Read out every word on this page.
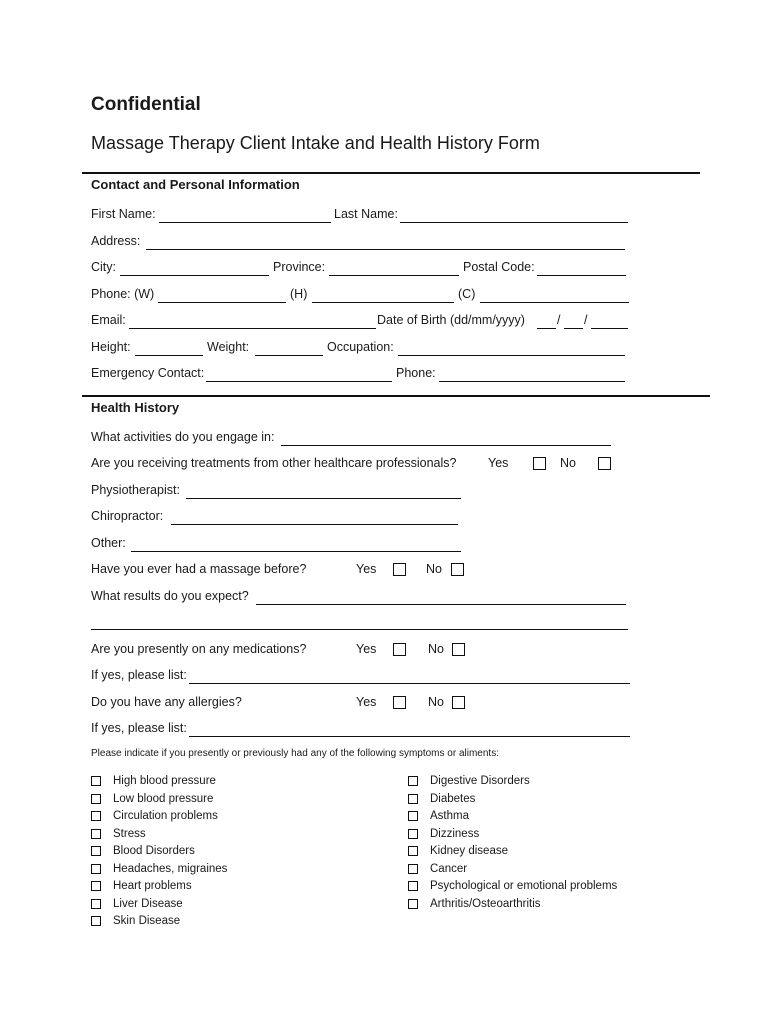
Confidential
Massage Therapy Client Intake and Health History Form
Contact and Personal Information
First Name:	Last Name:
Address:
City:	Province:	Postal Code:
Phone: (W)	(H)	(C)
Email:	Date of Birth (dd/mm/yyyy)	/ /
Height:	Weight:	Occupation:
Emergency Contact:	Phone:
Health History
What activities do you engage in:
Are you receiving treatments from other healthcare professionals?	Yes	No
Physiotherapist:
Chiropractor:
Other:
Have you ever had a massage before?	Yes	No
What results do you expect?
Are you presently on any medications?	Yes	No
If yes, please list:
Do you have any allergies?	Yes	No
If yes, please list:
Please indicate if you presently or previously had any of the following symptoms or aliments:
High blood pressure
Low blood pressure
Circulation problems
Stress
Blood Disorders
Headaches, migraines
Heart problems
Liver Disease
Skin Disease
Digestive Disorders
Diabetes
Asthma
Dizziness
Kidney disease
Cancer
Psychological or emotional problems
Arthritis/Osteoarthritis
